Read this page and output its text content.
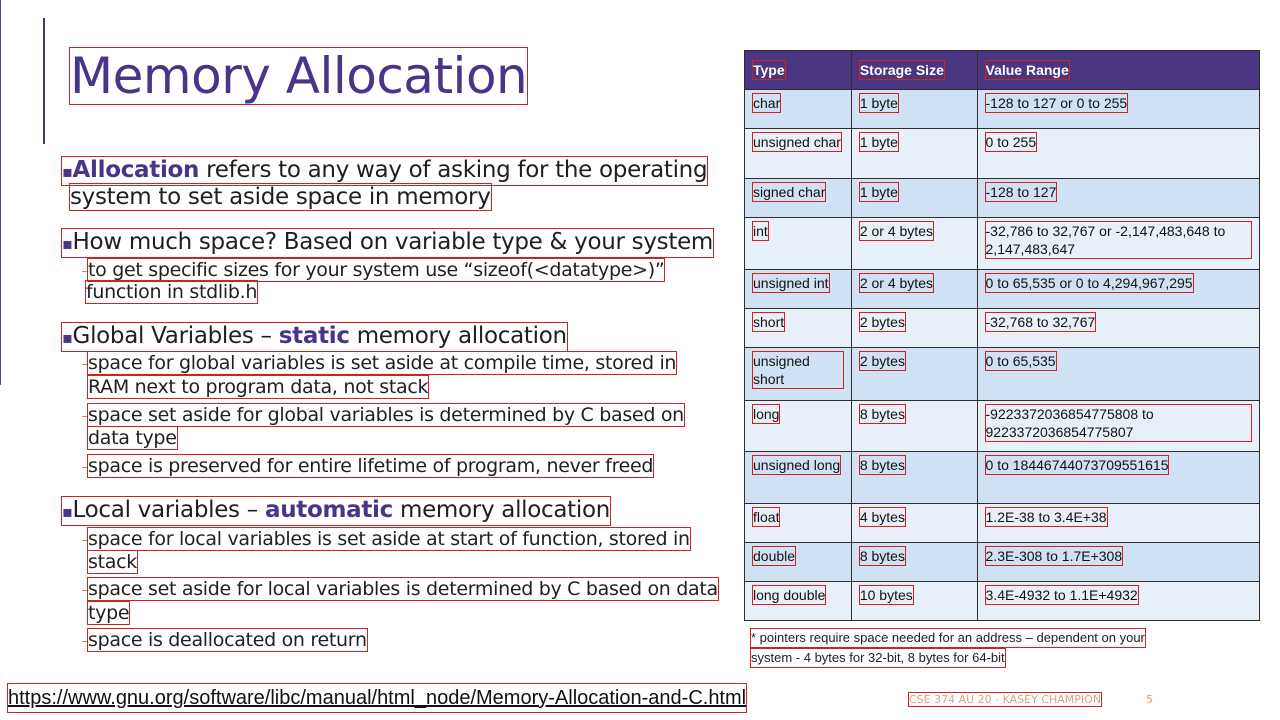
Memory Allocation
▪Allocation refers to any way of asking for the operating
system to set aside space in memory
▪How much space? Based on variable type & your system
to get specific sizes for your system use “sizeof(<datatype>)”
function in stdlib.h
▪Global Variables – static memory allocation
space for global variables is set aside at compile time, stored in
RAM next to program data, not stack
space set aside for global variables is determined by C based on
data type
space is preserved for entire lifetime of program, never freed
▪Local variables – automatic memory allocation
space for local variables is set aside at start of function, stored in
stack
space set aside for local variables is determined by C based on data
type
space is deallocated on return
Type	Storage Size	Value Range
char	1 byte	-128 to 127 or 0 to 255
unsigned char	1 byte	0 to 255
signed char	1 byte	-128 to 127
int	2 or 4 bytes	-32,786 to 32,767 or -2,147,483,648 to 2,147,483,647
unsigned int	2 or 4 bytes	0 to 65,535 or 0 to 4,294,967,295
short	2 bytes	-32,768 to 32,767
unsigned short	2 bytes	0 to 65,535
long	8 bytes	-9223372036854775808 to 9223372036854775807
unsigned long	8 bytes	0 to 18446744073709551615
float	4 bytes	1.2E-38 to 3.4E+38
double	8 bytes	2.3E-308 to 1.7E+308
long double	10 bytes	3.4E-4932 to 1.1E+4932
* pointers require space needed for an address – dependent on your
system - 4 bytes for 32-bit, 8 bytes for 64-bit
https://www.gnu.org/software/libc/manual/html_node/Memory-Allocation-and-C.html	CSE 374 AU 20 - KASEY CHAMPION	5
